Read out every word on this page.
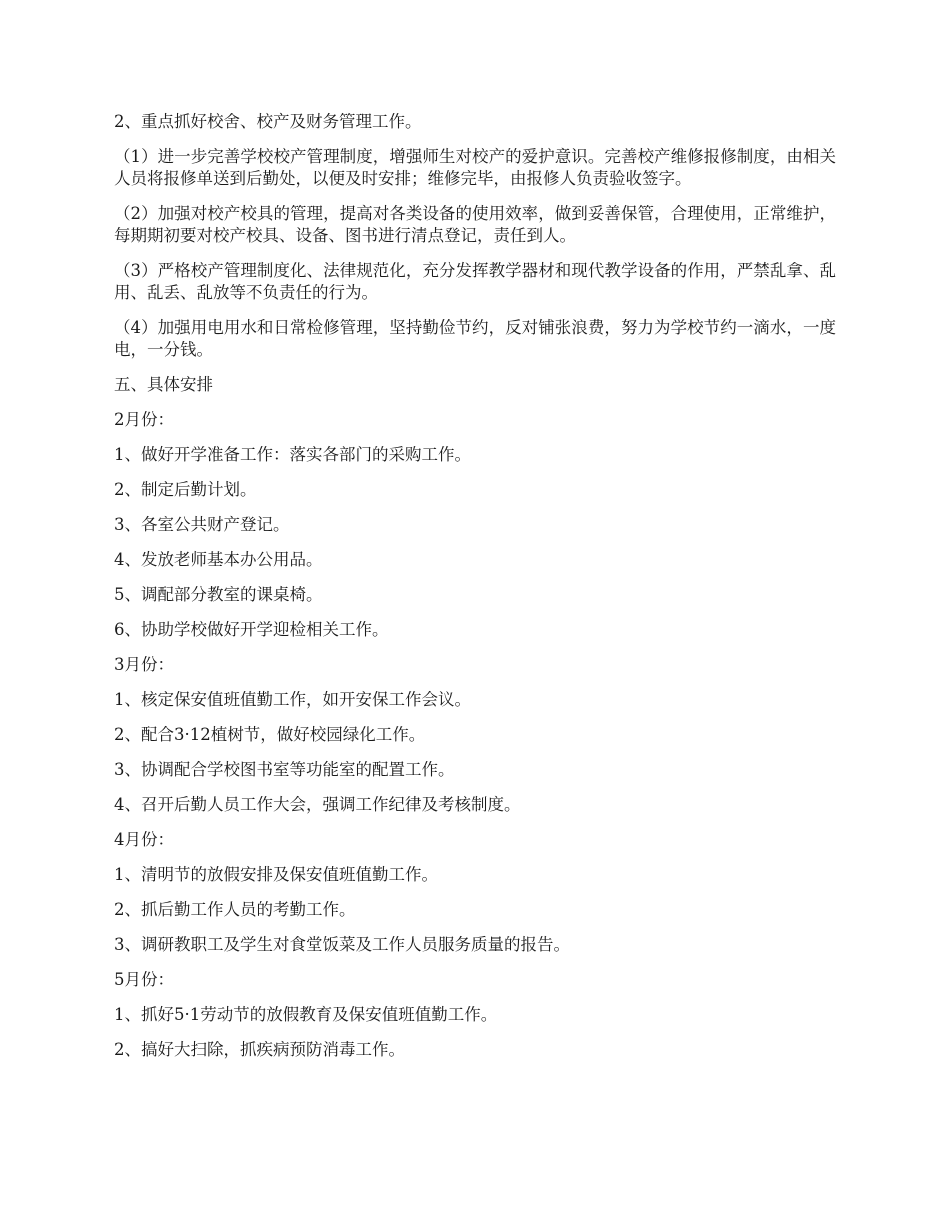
2、重点抓好校舍、校产及财务管理工作。

（1）进一步完善学校校产管理制度，增强师生对校产的爱护意识。完善校产维修报修制度，由相关人员将报修单送到后勤处，以便及时安排；维修完毕，由报修人负责验收签字。

（2）加强对校产校具的管理，提高对各类设备的使用效率，做到妥善保管，合理使用，正常维护，每期期初要对校产校具、设备、图书进行清点登记，责任到人。

（3）严格校产管理制度化、法律规范化，充分发挥教学器材和现代教学设备的作用，严禁乱拿、乱用、乱丢、乱放等不负责任的行为。

（4）加强用电用水和日常检修管理，坚持勤俭节约，反对铺张浪费，努力为学校节约一滴水，一度电，一分钱。

五、具体安排

2月份：

1、做好开学准备工作：落实各部门的采购工作。

2、制定后勤计划。

3、各室公共财产登记。

4、发放老师基本办公用品。

5、调配部分教室的课桌椅。

6、协助学校做好开学迎检相关工作。

3月份：

1、核定保安值班值勤工作，如开安保工作会议。

2、配合3·12植树节，做好校园绿化工作。

3、协调配合学校图书室等功能室的配置工作。

4、召开后勤人员工作大会，强调工作纪律及考核制度。

4月份：

1、清明节的放假安排及保安值班值勤工作。

2、抓后勤工作人员的考勤工作。

3、调研教职工及学生对食堂饭菜及工作人员服务质量的报告。

5月份：

1、抓好5·1劳动节的放假教育及保安值班值勤工作。

2、搞好大扫除，抓疾病预防消毒工作。
